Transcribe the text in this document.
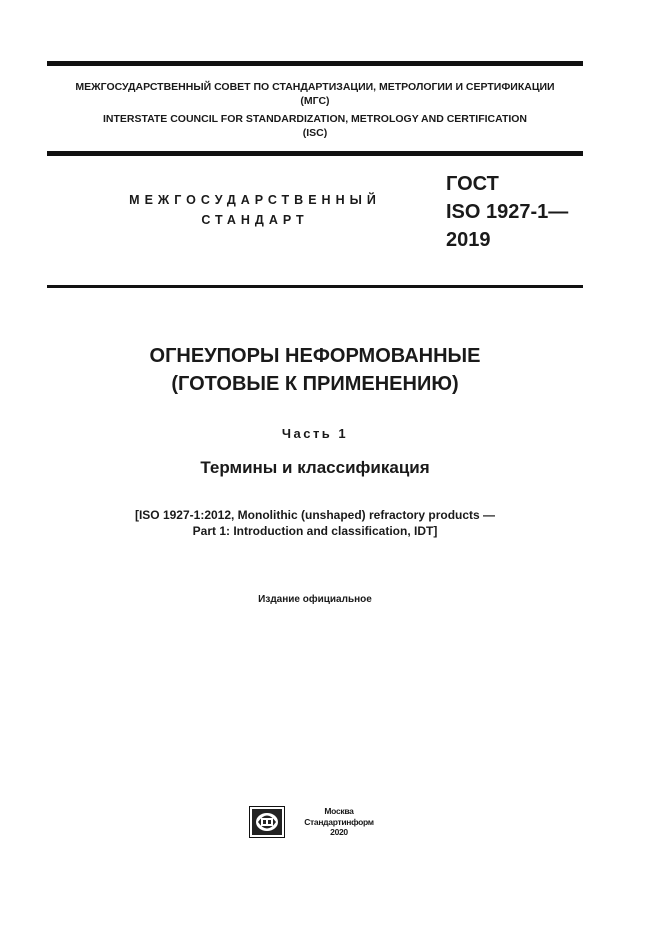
МЕЖГОСУДАРСТВЕННЫЙ СОВЕТ ПО СТАНДАРТИЗАЦИИ, МЕТРОЛОГИИ И СЕРТИФИКАЦИИ
(МГС)
INTERSTATE COUNCIL FOR STANDARDIZATION, METROLOGY AND CERTIFICATION
(ISC)
МЕЖГОСУДАРСТВЕННЫЙ
СТАНДАРТ
ГОСТ
ISO 1927-1—
2019
ОГНЕУПОРЫ НЕФОРМОВАННЫЕ
(ГОТОВЫЕ К ПРИМЕНЕНИЮ)
Часть 1
Термины и классификация
[ISO 1927-1:2012, Monolithic (unshaped) refractory products —
Part 1: Introduction and classification, IDT]
Издание официальное
Москва
Стандартинформ
2020
